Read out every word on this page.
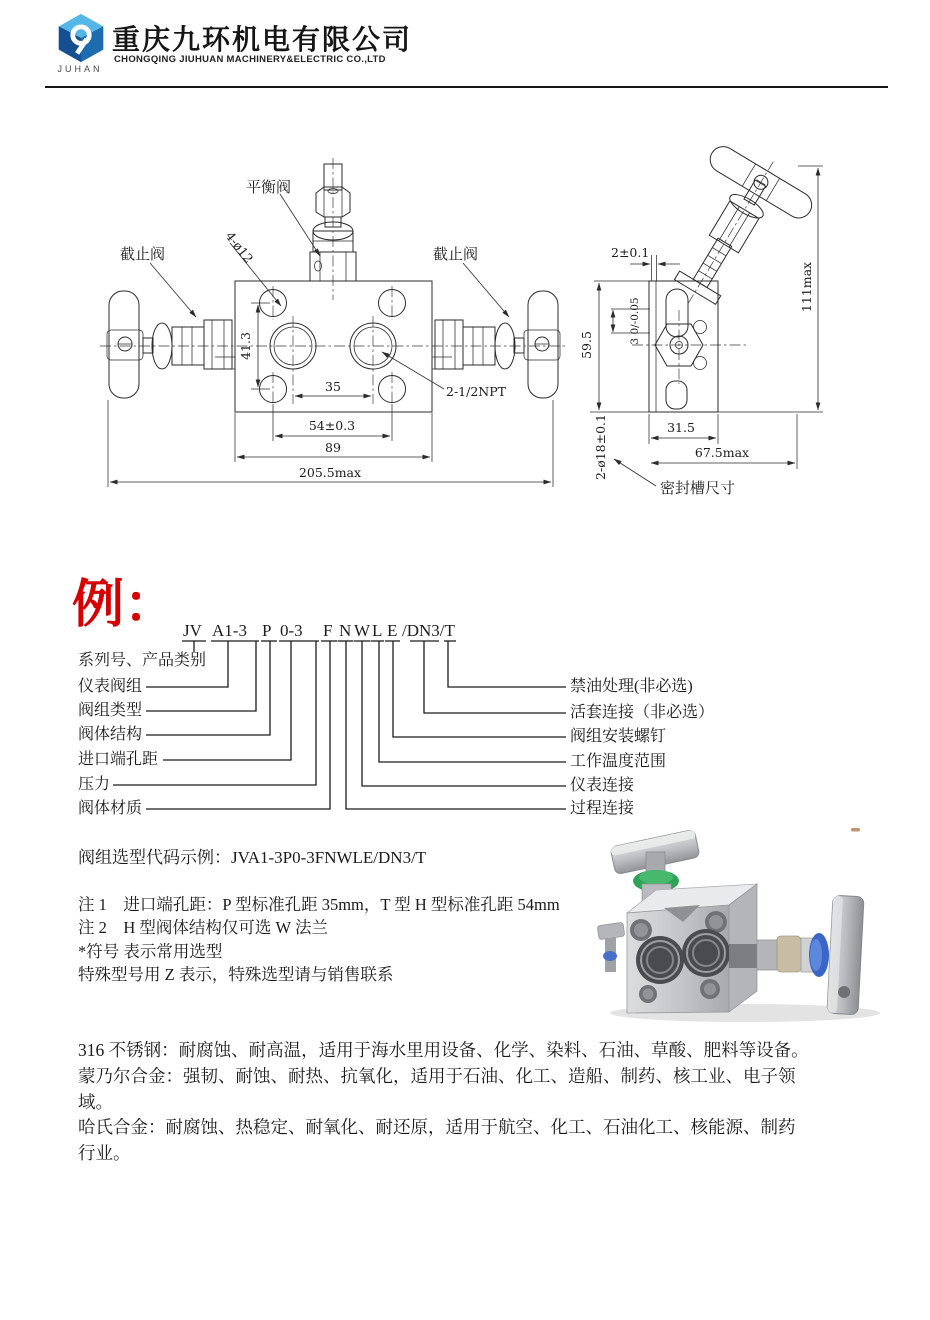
JUHAN
重庆九环机电有限公司
CHONGQING JIUHUAN MACHINERY&ELECTRIC CO.,LTD
平衡阀
截止阀	截止阀
4-ø12
2-1/2NPT
41.3
35
54±0.3
89
205.5max
2±0.1
3 0/-0.05
59.5
111max
31.5
67.5max
2-ø18±0.1
密封槽尺寸
JV A1-3 P 0-3 F N W L E /DN3/T
例：
系列号、产品类别
仪表阀组
阀组类型
阀体结构
进口端孔距
压力
阀体材质
禁油处理(非必选)
活套连接（非必选）
阀组安装螺钉
工作温度范围
仪表连接
过程连接
阀组选型代码示例：JVA1-3P0-3FNWLE/DN3/T
注 1　进口端孔距：P 型标准孔距 35mm，T 型 H 型标准孔距 54mm
注 2　H 型阀体结构仅可选 W 法兰
*符号 表示常用选型
特殊型号用 Z 表示，特殊选型请与销售联系
316 不锈钢：耐腐蚀、耐高温，适用于海水里用设备、化学、染料、石油、草酸、肥料等设备。
蒙乃尔合金：强韧、耐蚀、耐热、抗氧化，适用于石油、化工、造船、制药、核工业、电子领
域。
哈氏合金：耐腐蚀、热稳定、耐氧化、耐还原，适用于航空、化工、石油化工、核能源、制药
行业。
